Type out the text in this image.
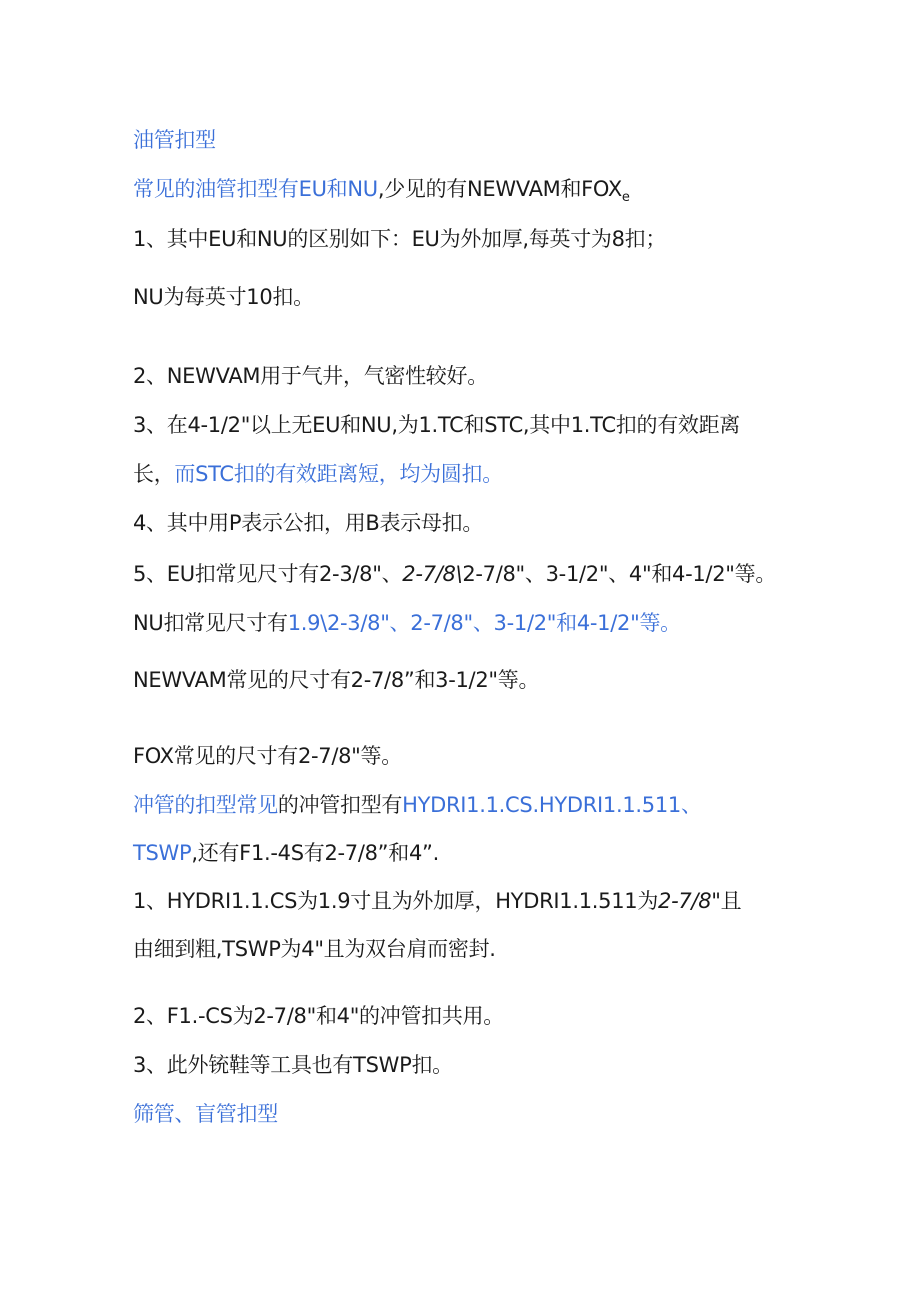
油管扣型
常见的油管扣型有EU和NU,少见的有NEWVAM和$FOX_e$
1、其中EU和NU的区别如下：EU为外加厚,每英寸为8扣；
NU为每英寸10扣。
2、NEWVAM用于气井，气密性较好。
3、在4-1/2"以上无EU和NU,为1.TC和STC,其中1.TC扣的有效距离
长，而STC扣的有效距离短，均为圆扣。
4、其中用P表示公扣，用B表示母扣。
5、EU扣常见尺寸有2-3/8"、2-7/8\2-7/8"、3-1/2"、4"和4-1/2"等。
NU扣常见尺寸有1.9\2-3/8"、2-7/8"、3-1/2"和4-1/2"等。
NEWVAM常见的尺寸有2-7/8”和3-1/2"等。
FOX常见的尺寸有2-7/8"等。
冲管的扣型常见的冲管扣型有HYDRI1.1.CS.HYDRI1.1.511、
TSWP,还有F1.-4S有2-7/8”和4”.
1、HYDRI1.1.CS为1.9寸且为外加厚，HYDRI1.1.511为2-7/8"且
由细到粗,TSWP为4"且为双台肩而密封.
2、F1.-CS为2-7/8"和4"的冲管扣共用。
3、此外铳鞋等工具也有TSWP扣。
筛管、盲管扣型
